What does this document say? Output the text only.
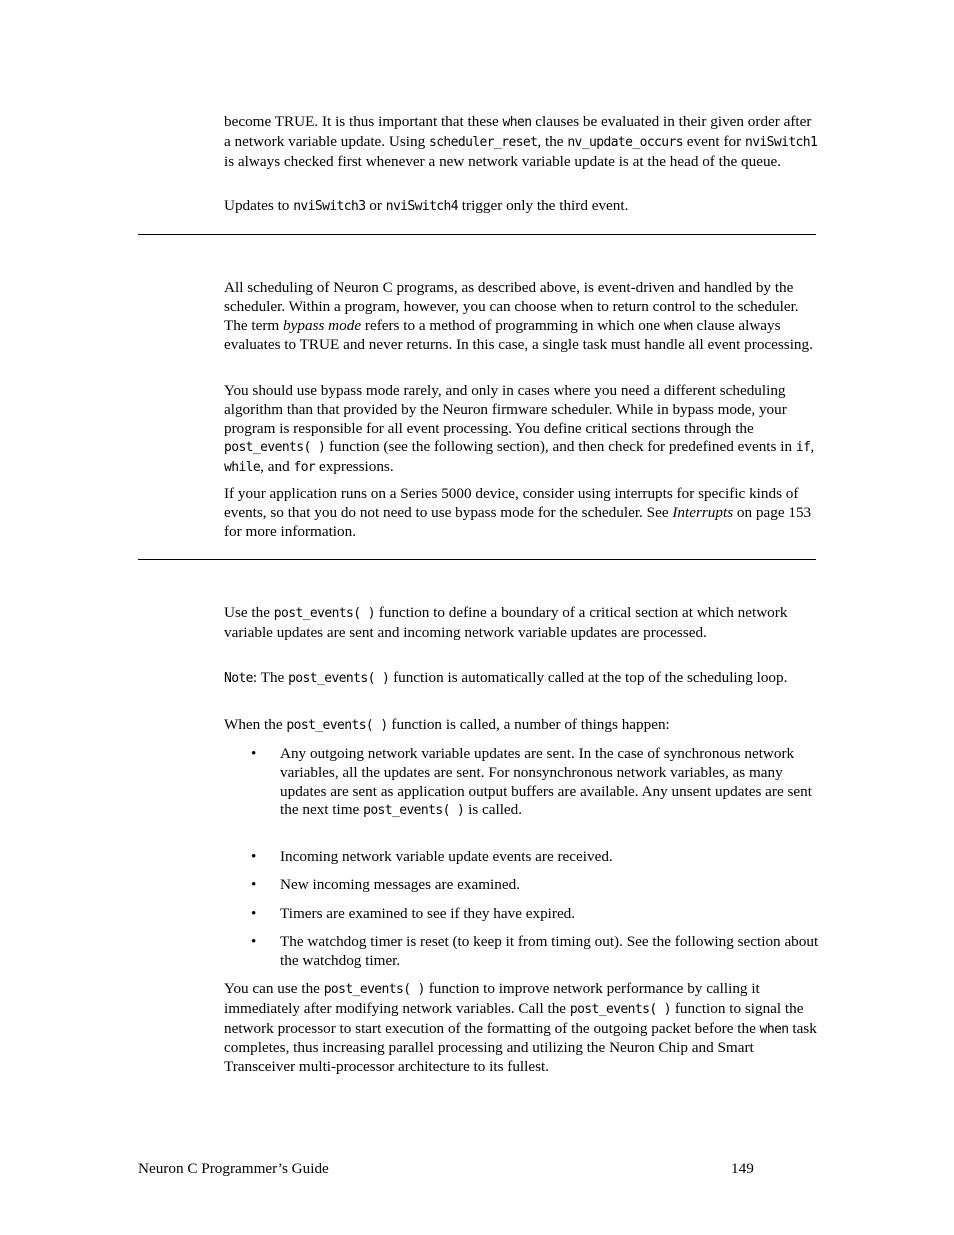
become TRUE. It is thus important that these when clauses be evaluated in their given order after a network variable update. Using scheduler_reset, the nv_update_occurs event for nviSwitch1 is always checked first whenever a new network variable update is at the head of the queue.

Updates to nviSwitch3 or nviSwitch4 trigger only the third event.

All scheduling of Neuron C programs, as described above, is event-driven and handled by the scheduler. Within a program, however, you can choose when to return control to the scheduler. The term bypass mode refers to a method of programming in which one when clause always evaluates to TRUE and never returns. In this case, a single task must handle all event processing.

You should use bypass mode rarely, and only in cases where you need a different scheduling algorithm than that provided by the Neuron firmware scheduler. While in bypass mode, your program is responsible for all event processing. You define critical sections through the post_events( ) function (see the following section), and then check for predefined events in if, while, and for expressions.

If your application runs on a Series 5000 device, consider using interrupts for specific kinds of events, so that you do not need to use bypass mode for the scheduler. See Interrupts on page 153 for more information.

Use the post_events( ) function to define a boundary of a critical section at which network variable updates are sent and incoming network variable updates are processed.

Note: The post_events( ) function is automatically called at the top of the scheduling loop.

When the post_events( ) function is called, a number of things happen:

•	Any outgoing network variable updates are sent. In the case of synchronous network variables, all the updates are sent. For nonsynchronous network variables, as many updates are sent as application output buffers are available. Any unsent updates are sent the next time post_events( ) is called.

•	Incoming network variable update events are received.

•	New incoming messages are examined.

•	Timers are examined to see if they have expired.

•	The watchdog timer is reset (to keep it from timing out). See the following section about the watchdog timer.

You can use the post_events( ) function to improve network performance by calling it immediately after modifying network variables. Call the post_events( ) function to signal the network processor to start execution of the formatting of the outgoing packet before the when task completes, thus increasing parallel processing and utilizing the Neuron Chip and Smart Transceiver multi-processor architecture to its fullest.

Neuron C Programmer’s Guide	149
